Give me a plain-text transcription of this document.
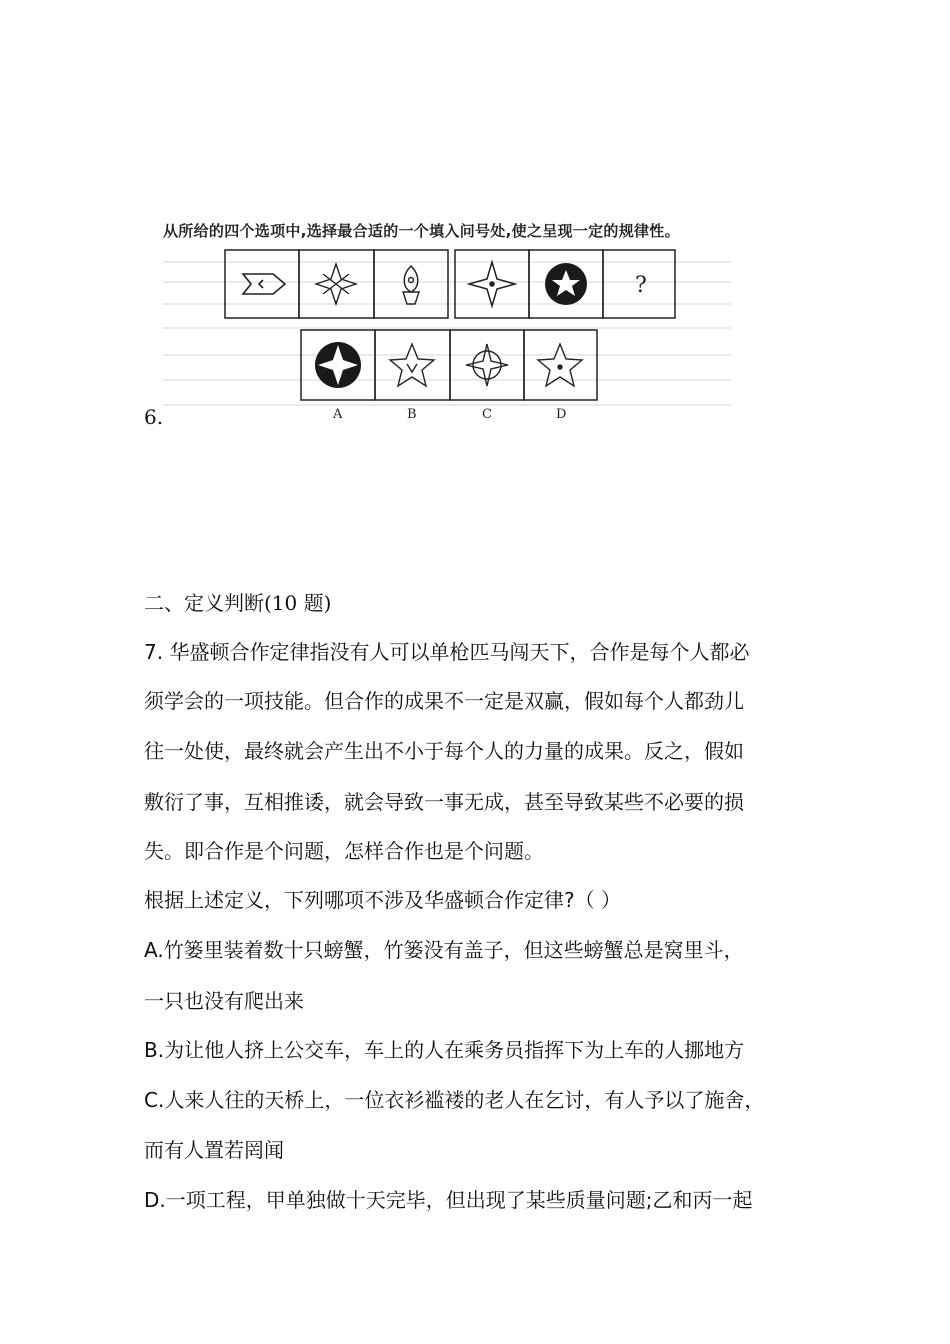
?
A	B	C	D
从所给的四个选项中,选择最合适的一个填入问号处,使之呈现一定的规律性。
6.
二、定义判断(10 题)
7. 华盛顿合作定律指没有人可以单枪匹马闯天下，合作是每个人都必
须学会的一项技能。但合作的成果不一定是双赢，假如每个人都劲儿
往一处使，最终就会产生出不小于每个人的力量的成果。反之，假如
敷衍了事，互相推诿，就会导致一事无成，甚至导致某些不必要的损
失。即合作是个问题，怎样合作也是个问题。
根据上述定义，下列哪项不涉及华盛顿合作定律?（ ）
A.竹篓里装着数十只螃蟹，竹篓没有盖子，但这些螃蟹总是窝里斗，
一只也没有爬出来
B.为让他人挤上公交车，车上的人在乘务员指挥下为上车的人挪地方
C.人来人往的天桥上，一位衣衫褴褛的老人在乞讨，有人予以了施舍，
而有人置若罔闻
D.一项工程，甲单独做十天完毕，但出现了某些质量问题;乙和丙一起
